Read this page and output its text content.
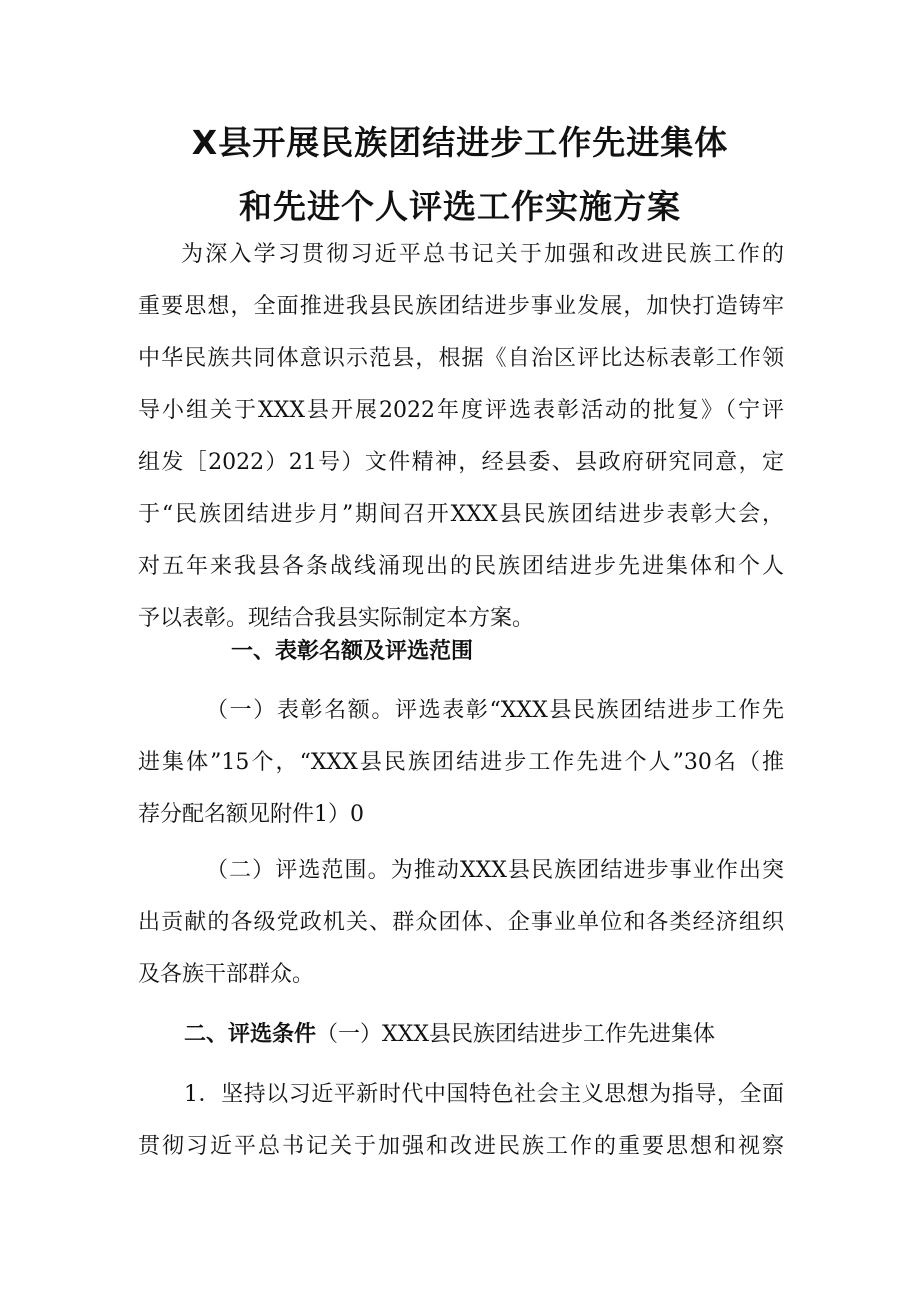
X县开展民族团结进步工作先进集体
和先进个人评选工作实施方案
为深入学习贯彻习近平总书记关于加强和改进民族工作的
重要思想，全面推进我县民族团结进步事业发展，加快打造铸牢
中华民族共同体意识示范县，根据《自治区评比达标表彰工作领
导小组关于XXX县开展2022年度评选表彰活动的批复》（宁评
组发［2022）21号）文件精神，经县委、县政府研究同意，定
于“民族团结进步月”期间召开XXX县民族团结进步表彰大会，
对五年来我县各条战线涌现出的民族团结进步先进集体和个人
予以表彰。现结合我县实际制定本方案。
一、表彰名额及评选范围
（一）表彰名额。评选表彰“XXX县民族团结进步工作先
进集体”15个，“XXX县民族团结进步工作先进个人”30名（推
荐分配名额见附件1）0
（二）评选范围。为推动XXX县民族团结进步事业作出突
出贡献的各级党政机关、群众团体、企事业单位和各类经济组织
及各族干部群众。
二、评选条件（一）XXX县民族团结进步工作先进集体
1．坚持以习近平新时代中国特色社会主义思想为指导，全面
贯彻习近平总书记关于加强和改进民族工作的重要思想和视察
